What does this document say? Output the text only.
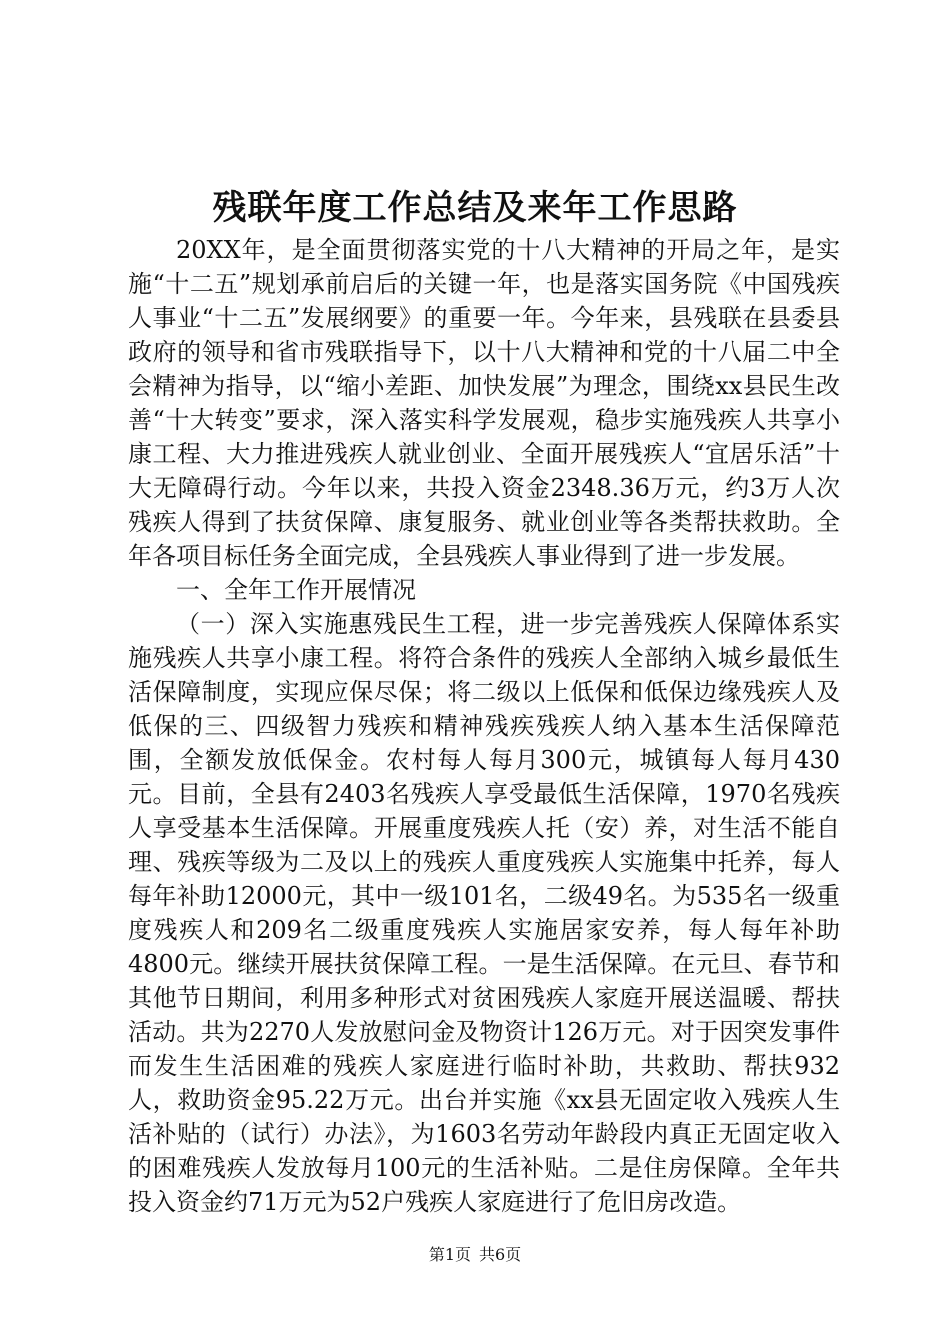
残联年度工作总结及来年工作思路

20XX年，是全面贯彻落实党的十八大精神的开局之年，是实施“十二五”规划承前启后的关键一年，也是落实国务院《中国残疾人事业“十二五”发展纲要》的重要一年。今年来，县残联在县委县政府的领导和省市残联指导下，以十八大精神和党的十八届二中全会精神为指导，以“缩小差距、加快发展”为理念，围绕xx县民生改善“十大转变”要求，深入落实科学发展观，稳步实施残疾人共享小康工程、大力推进残疾人就业创业、全面开展残疾人“宜居乐活”十大无障碍行动。今年以来，共投入资金2348.36万元，约3万人次残疾人得到了扶贫保障、康复服务、就业创业等各类帮扶救助。全年各项目标任务全面完成，全县残疾人事业得到了进一步发展。

一、全年工作开展情况

（一）深入实施惠残民生工程，进一步完善残疾人保障体系实施残疾人共享小康工程。将符合条件的残疾人全部纳入城乡最低生活保障制度，实现应保尽保；将二级以上低保和低保边缘残疾人及低保的三、四级智力残疾和精神残疾残疾人纳入基本生活保障范围，全额发放低保金。农村每人每月300元，城镇每人每月430元。目前，全县有2403名残疾人享受最低生活保障，1970名残疾人享受基本生活保障。开展重度残疾人托（安）养，对生活不能自理、残疾等级为二及以上的残疾人重度残疾人实施集中托养，每人每年补助12000元，其中一级101名，二级49名。为535名一级重度残疾人和209名二级重度残疾人实施居家安养，每人每年补助4800元。继续开展扶贫保障工程。一是生活保障。在元旦、春节和其他节日期间，利用多种形式对贫困残疾人家庭开展送温暖、帮扶活动。共为2270人发放慰问金及物资计126万元。对于因突发事件而发生生活困难的残疾人家庭进行临时补助，共救助、帮扶932人，救助资金95.22万元。出台并实施《xx县无固定收入残疾人生活补贴的（试行）办法》，为1603名劳动年龄段内真正无固定收入的困难残疾人发放每月100元的生活补贴。二是住房保障。全年共投入资金约71万元为52户残疾人家庭进行了危旧房改造。

第1页 共6页
